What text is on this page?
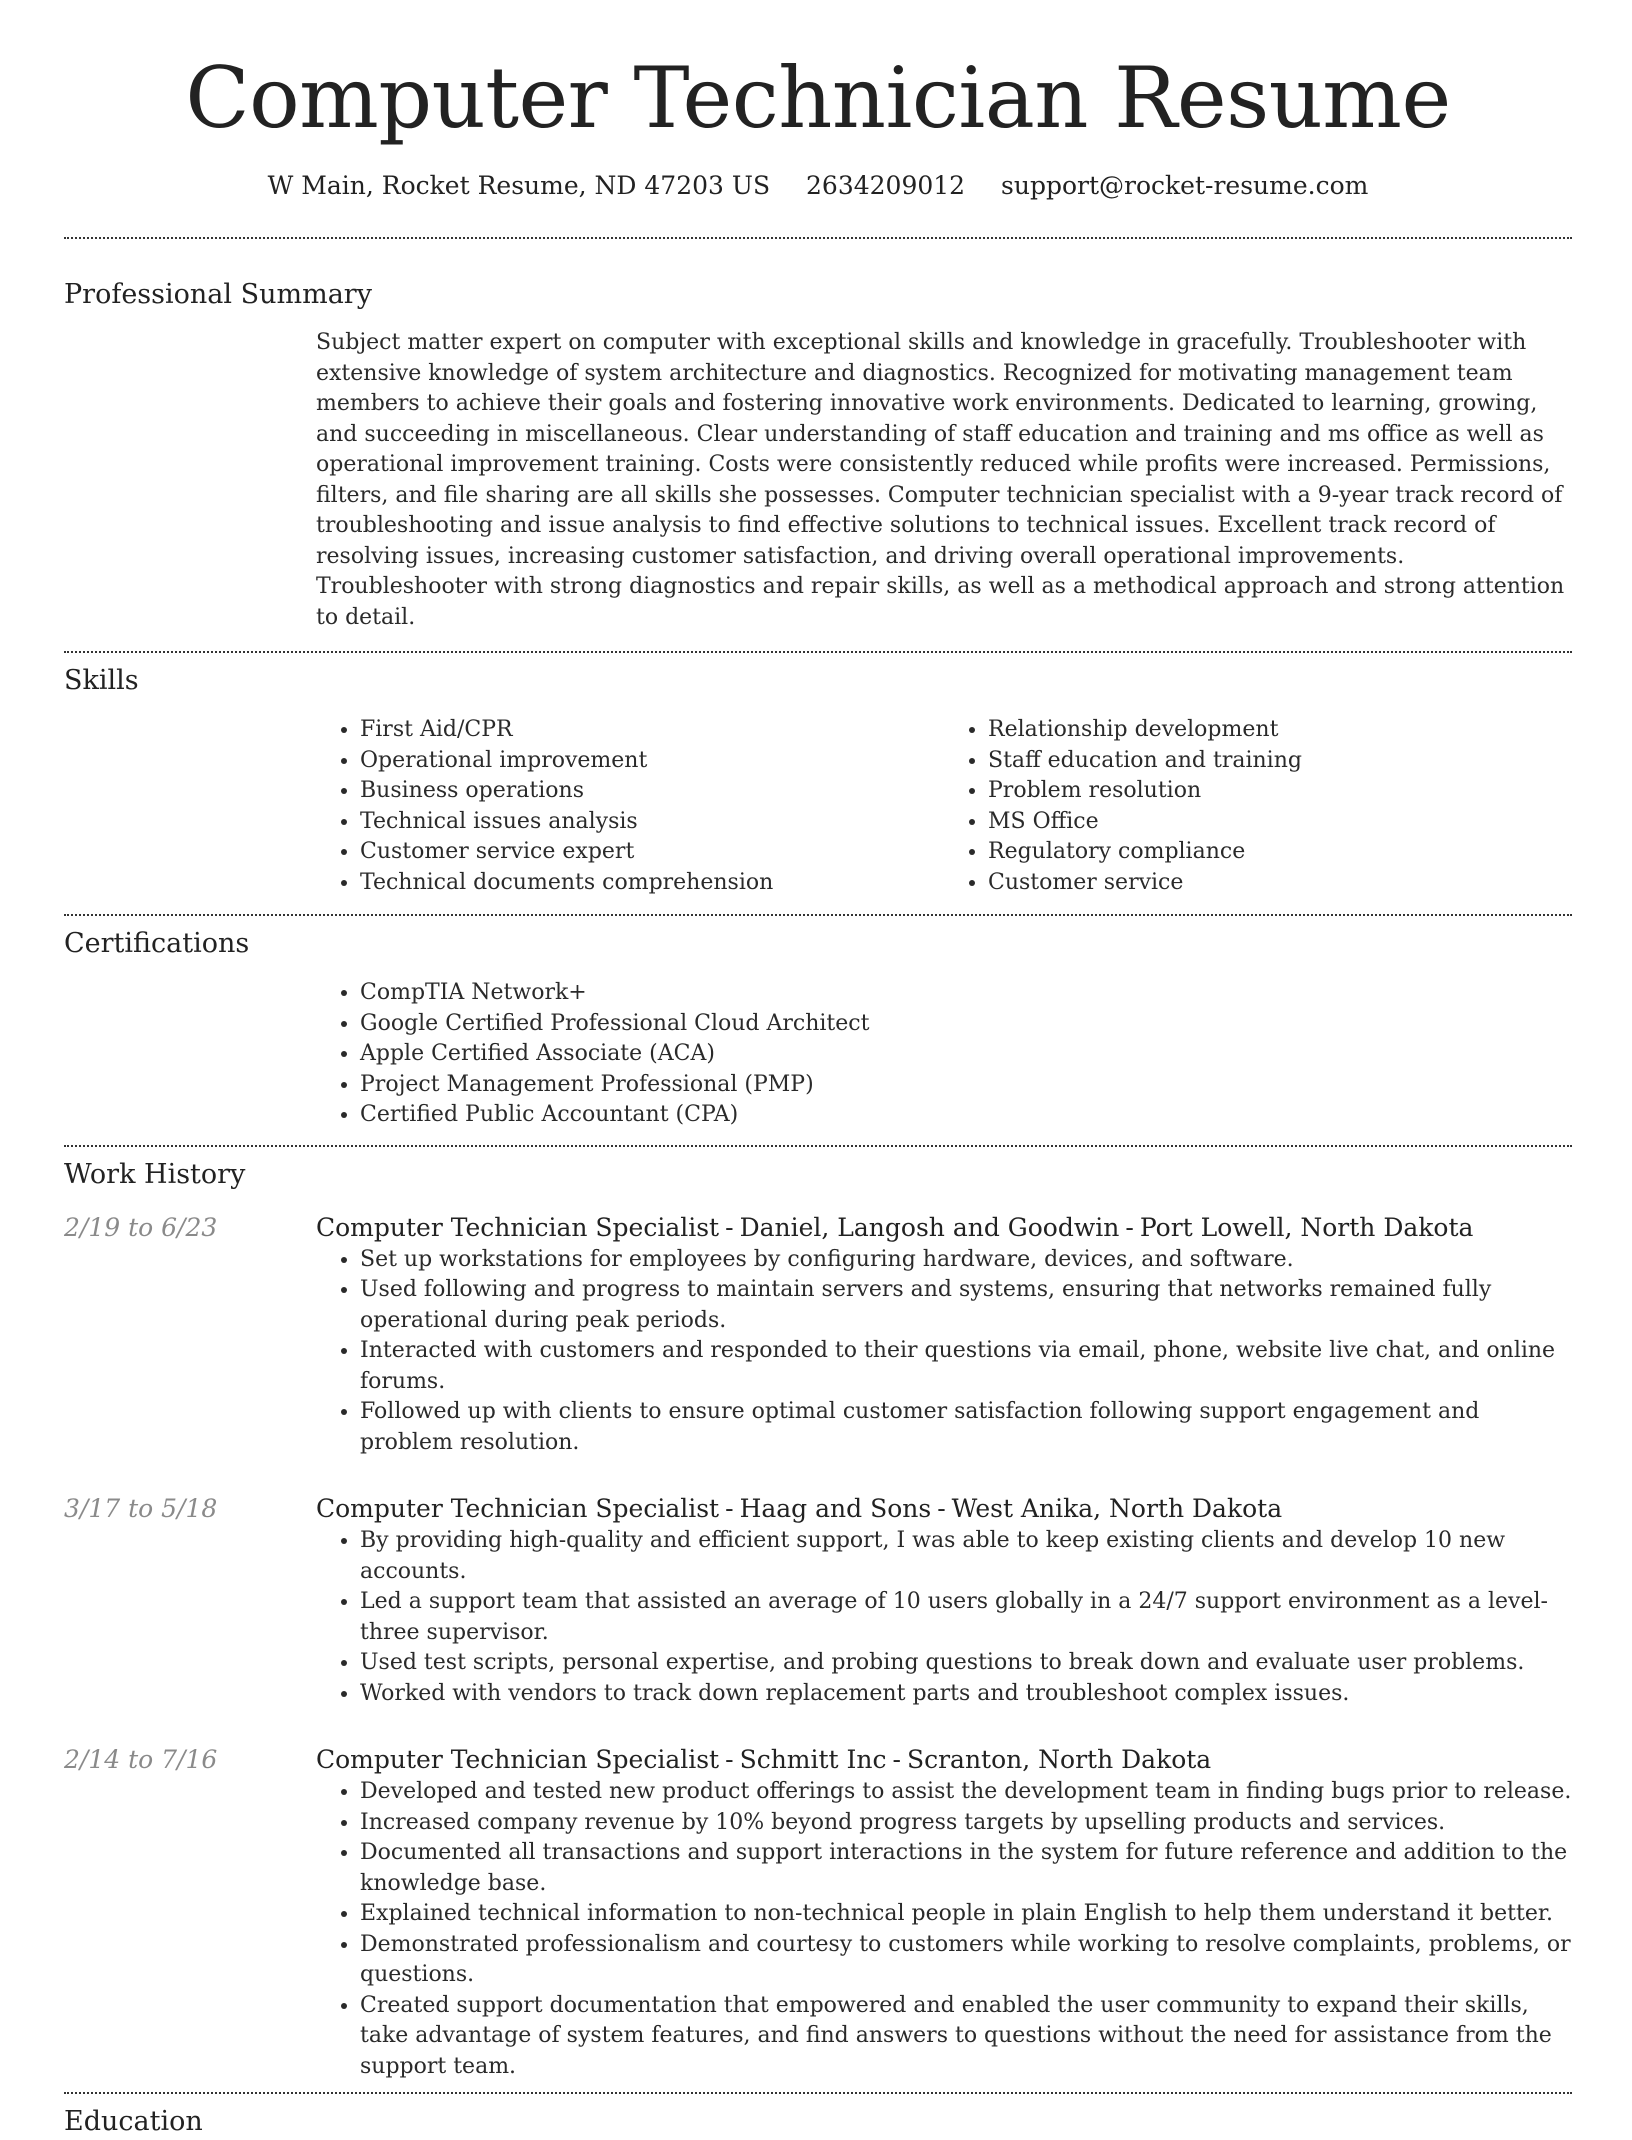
Computer Technician Resume
W Main, Rocket Resume, ND 47203 US 2634209012 support@rocket-resume.com
Professional Summary
Subject matter expert on computer with exceptional skills and knowledge in gracefully. Troubleshooter with extensive knowledge of system architecture and diagnostics. Recognized for motivating management team members to achieve their goals and fostering innovative work environments. Dedicated to learning, growing, and succeeding in miscellaneous. Clear understanding of staff education and training and ms office as well as operational improvement training. Costs were consistently reduced while profits were increased. Permissions, filters, and file sharing are all skills she possesses. Computer technician specialist with a 9-year track record of troubleshooting and issue analysis to find effective solutions to technical issues. Excellent track record of resolving issues, increasing customer satisfaction, and driving overall operational improvements. Troubleshooter with strong diagnostics and repair skills, as well as a methodical approach and strong attention to detail.
Skills
• First Aid/CPR
• Operational improvement
• Business operations
• Technical issues analysis
• Customer service expert
• Technical documents comprehension
• Relationship development
• Staff education and training
• Problem resolution
• MS Office
• Regulatory compliance
• Customer service
Certifications
• CompTIA Network+
• Google Certified Professional Cloud Architect
• Apple Certified Associate (ACA)
• Project Management Professional (PMP)
• Certified Public Accountant (CPA)
Work History
2/19 to 6/23	Computer Technician Specialist - Daniel, Langosh and Goodwin - Port Lowell, North Dakota
• Set up workstations for employees by configuring hardware, devices, and software.
• Used following and progress to maintain servers and systems, ensuring that networks remained fully operational during peak periods.
• Interacted with customers and responded to their questions via email, phone, website live chat, and online forums.
• Followed up with clients to ensure optimal customer satisfaction following support engagement and problem resolution.
3/17 to 5/18	Computer Technician Specialist - Haag and Sons - West Anika, North Dakota
• By providing high-quality and efficient support, I was able to keep existing clients and develop 10 new accounts.
• Led a support team that assisted an average of 10 users globally in a 24/7 support environment as a level-three supervisor.
• Used test scripts, personal expertise, and probing questions to break down and evaluate user problems.
• Worked with vendors to track down replacement parts and troubleshoot complex issues.
2/14 to 7/16	Computer Technician Specialist - Schmitt Inc - Scranton, North Dakota
• Developed and tested new product offerings to assist the development team in finding bugs prior to release.
• Increased company revenue by 10% beyond progress targets by upselling products and services.
• Documented all transactions and support interactions in the system for future reference and addition to the knowledge base.
• Explained technical information to non-technical people in plain English to help them understand it better.
• Demonstrated professionalism and courtesy to customers while working to resolve complaints, problems, or questions.
• Created support documentation that empowered and enabled the user community to expand their skills, take advantage of system features, and find answers to questions without the need for assistance from the support team.
Education
